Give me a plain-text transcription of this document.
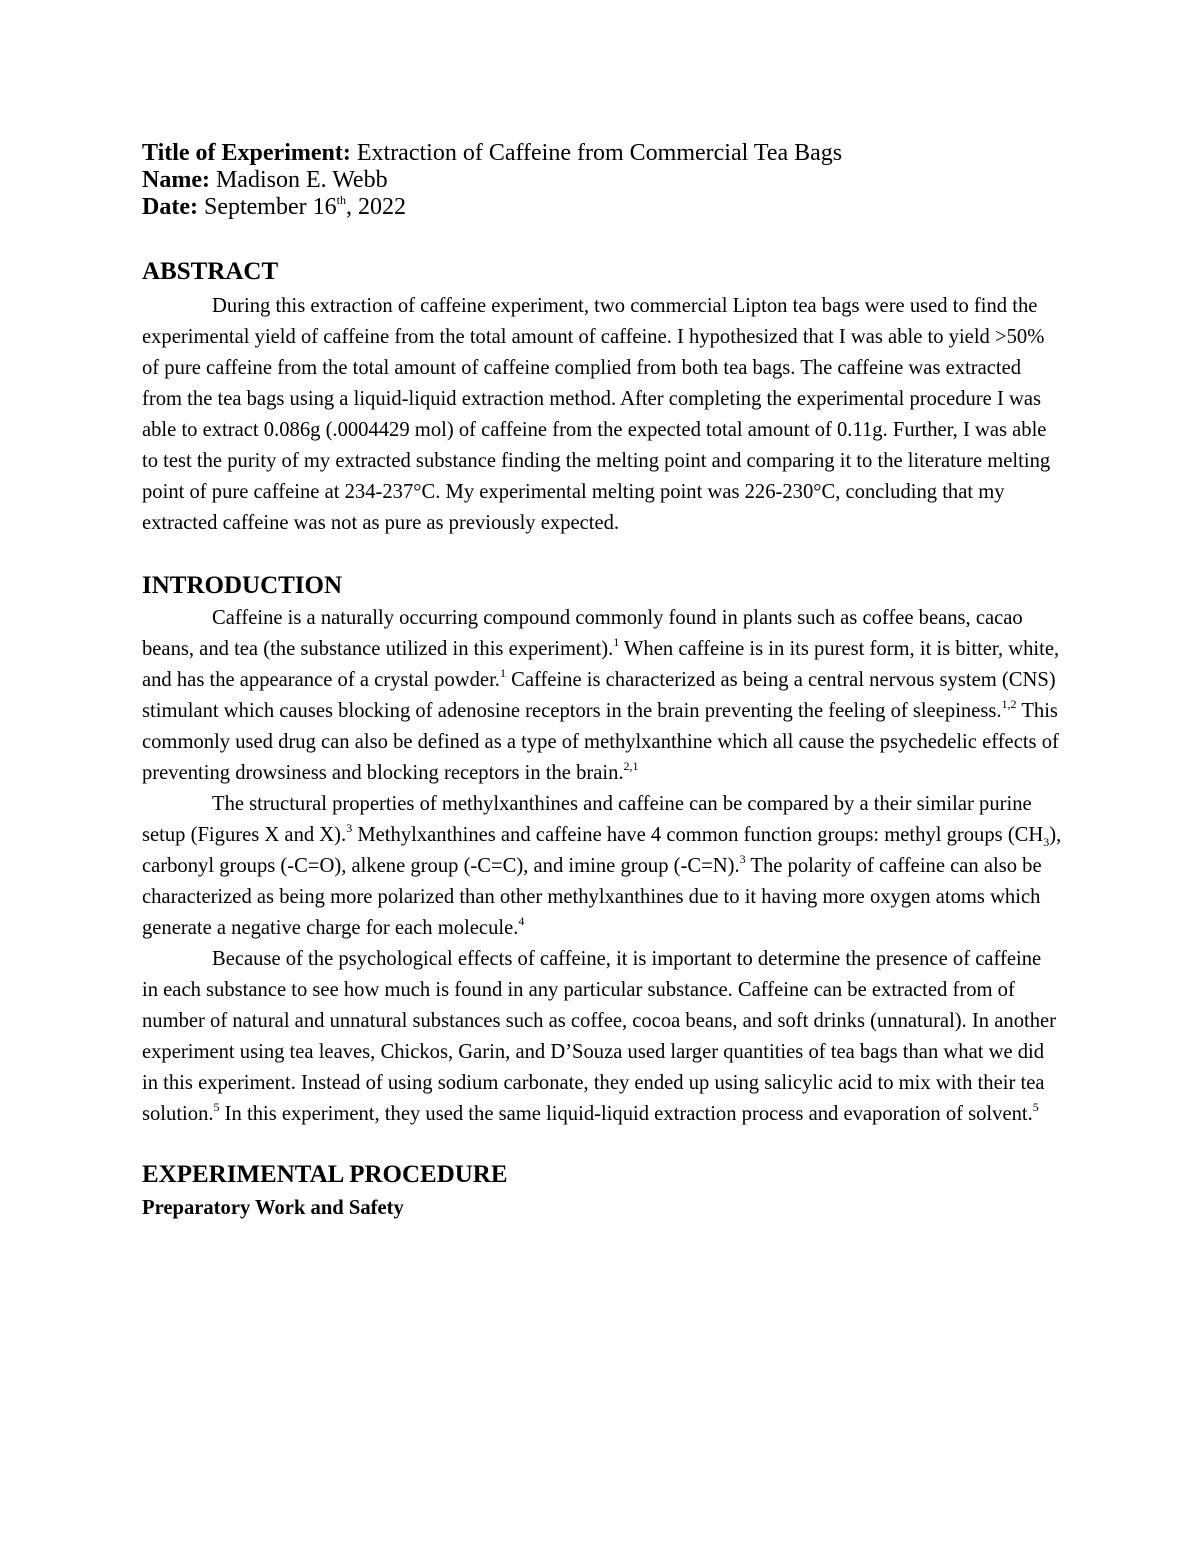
Title of Experiment: Extraction of Caffeine from Commercial Tea Bags

Name: Madison E. Webb

Date: September 16th, 2022

ABSTRACT

During this extraction of caffeine experiment, two commercial Lipton tea bags were used to find the experimental yield of caffeine from the total amount of caffeine. I hypothesized that I was able to yield >50% of pure caffeine from the total amount of caffeine complied from both tea bags. The caffeine was extracted from the tea bags using a liquid-liquid extraction method. After completing the experimental procedure I was able to extract 0.086g (.0004429 mol) of caffeine from the expected total amount of 0.11g. Further, I was able to test the purity of my extracted substance finding the melting point and comparing it to the literature melting point of pure caffeine at 234-237°C. My experimental melting point was 226-230°C, concluding that my extracted caffeine was not as pure as previously expected.

INTRODUCTION

Caffeine is a naturally occurring compound commonly found in plants such as coffee beans, cacao beans, and tea (the substance utilized in this experiment).$^1$ When caffeine is in its purest form, it is bitter, white, and has the appearance of a crystal powder.$^1$ Caffeine is characterized as being a central nervous system (CNS) stimulant which causes blocking of adenosine receptors in the brain preventing the feeling of sleepiness.$^{1,2}$ This commonly used drug can also be defined as a type of methylxanthine which all cause the psychedelic effects of preventing drowsiness and blocking receptors in the brain.$^{2,1}$

The structural properties of methylxanthines and caffeine can be compared by a their similar purine setup (Figures X and X).$^3$ Methylxanthines and caffeine have 4 common function groups: methyl groups $(CH_3)$, carbonyl groups (-C=O), alkene group (-C=C), and imine group (-C=N).$^3$ The polarity of caffeine can also be characterized as being more polarized than other methylxanthines due to it having more oxygen atoms which generate a negative charge for each molecule.$^4$

Because of the psychological effects of caffeine, it is important to determine the presence of caffeine in each substance to see how much is found in any particular substance. Caffeine can be extracted from of number of natural and unnatural substances such as coffee, cocoa beans, and soft drinks (unnatural). In another experiment using tea leaves, Chickos, Garin, and D’Souza used larger quantities of tea bags than what we did in this experiment. Instead of using sodium carbonate, they ended up using salicylic acid to mix with their tea solution.$^5$ In this experiment, they used the same liquid-liquid extraction process and evaporation of solvent.$^5$

EXPERIMENTAL PROCEDURE

Preparatory Work and Safety
